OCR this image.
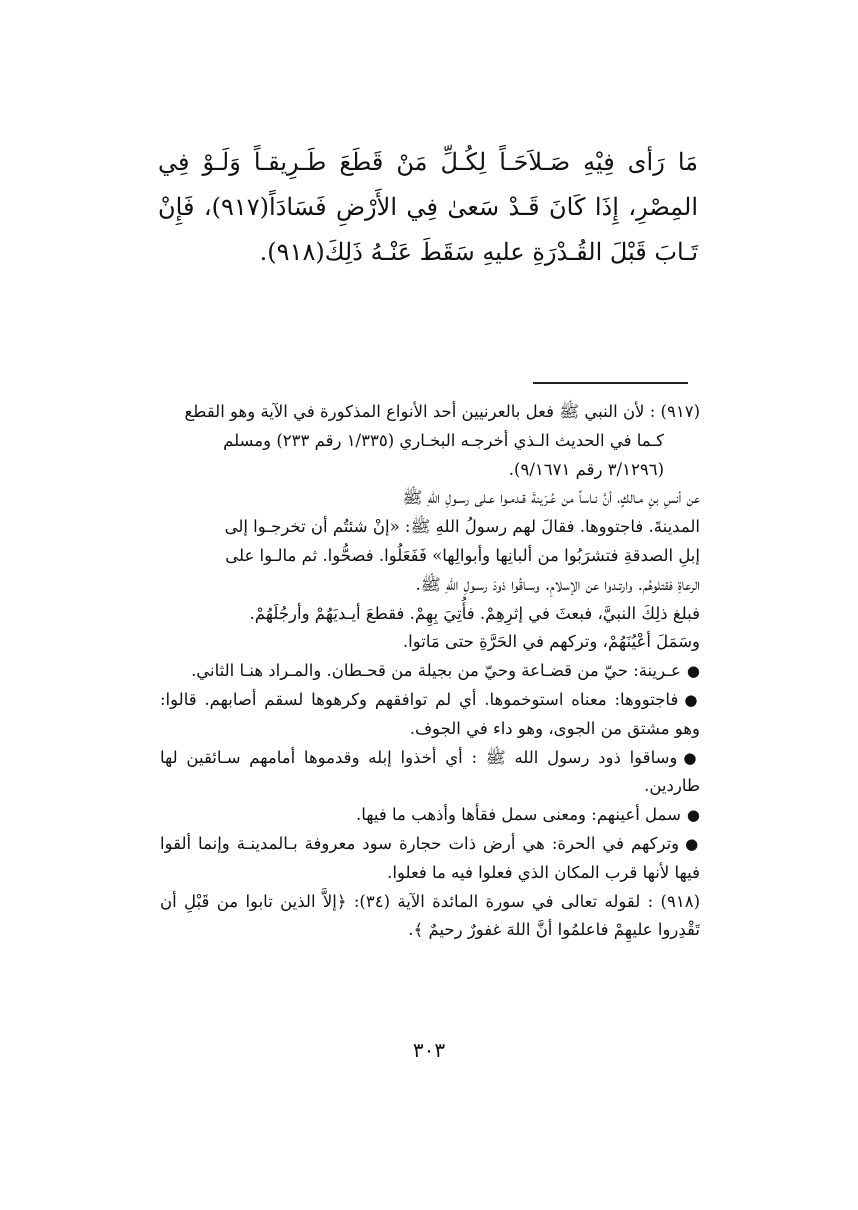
مَا رَأى فِيْهِ صَـلاَحَـاً لِكُـلِّ مَنْ قَطَعَ طَـرِيقـاً وَلَـوْ فِي المِصْرِ، إِذَا كَانَ قَـدْ سَعىٰ فِي الأَرْضِ فَسَادَاً(٩١٧)، فَإِنْ تَـابَ قَبْلَ القُـدْرَةِ عليهِ سَقَطَ عَنْـهُ ذَلِكَ(٩١٨).

(٩١٧) : لأن النبي ﷺ فعل بالعرنيين أحد الأنواع المذكورة في الآية وهو القطع

كـما في الحديث الـذي أخرجـه البخـاري (١/٣٣٥ رقم ٢٣٣) ومسلم

(٣/١٢٩٦ رقم ٩/١٦٧١).

عن أنسِ بنِ مـالكٍ، أنَّ نـاساً من عُـرَينةَ قـدمـوا عـلى رسـولِ اللهِ ﷺ

المدينةَ. فاجتووها. فقالَ لهم رسولُ اللهِ ﷺ: «إنْ شئتُم أن تخرجـوا إلى

إبلِ الصدقةِ فتشرَبُوا من ألبانِها وأبوالِها» فَفَعَلُوا. فصحُّوا. ثم مالـوا على

الرعاةِ فقتلوهُم. وارتـدوا عن الإسلامِ. وسـاقُوا ذودَ رسـولِ اللهِ ﷺ.

فبلغ ذلِكَ النبيَّ، فبعثَ في إثرِهِمْ. فأُتِيَ بِهِمْ. فقطعَ أيـديَهُمْ وأرجُلَهُمْ.

وسَمَلَ أعْيُنَهُمْ، وتركهم في الحَرَّةِ حتى مَاتوا.

●عـرينة: حيّ من قضـاعة وحيّ من بجيلة من قحـطان. والمـراد هنـا الثاني.

●فاجتووها: معناه استوخموها. أي لم توافقهم وكرهوها لسقم أصابهم. قالوا: وهو مشتق من الجوى، وهو داء في الجوف.

●وساقوا ذود رسول الله ﷺ : أي أخذوا إبله وقدموها أمامهم سـائقين لها طاردين.

●سمل أعينهم: ومعنى سمل فقأها وأذهب ما فيها.

●وتركهم في الحرة: هي أرض ذات حجارة سود معروفة بـالمدينـة وإنما ألقوا فيها لأنها قرب المكان الذي فعلوا فيه ما فعلوا.

(٩١٨) : لقوله تعالى في سورة المائدة الآية (٣٤): ﴿إلاَّ الذين تابوا من قَبْلِ أن تَقْدِروا عليهِمْ فاعلمُوا أنَّ اللهَ غفورٌ رحيمٌ ﴾.

٣٠٣
